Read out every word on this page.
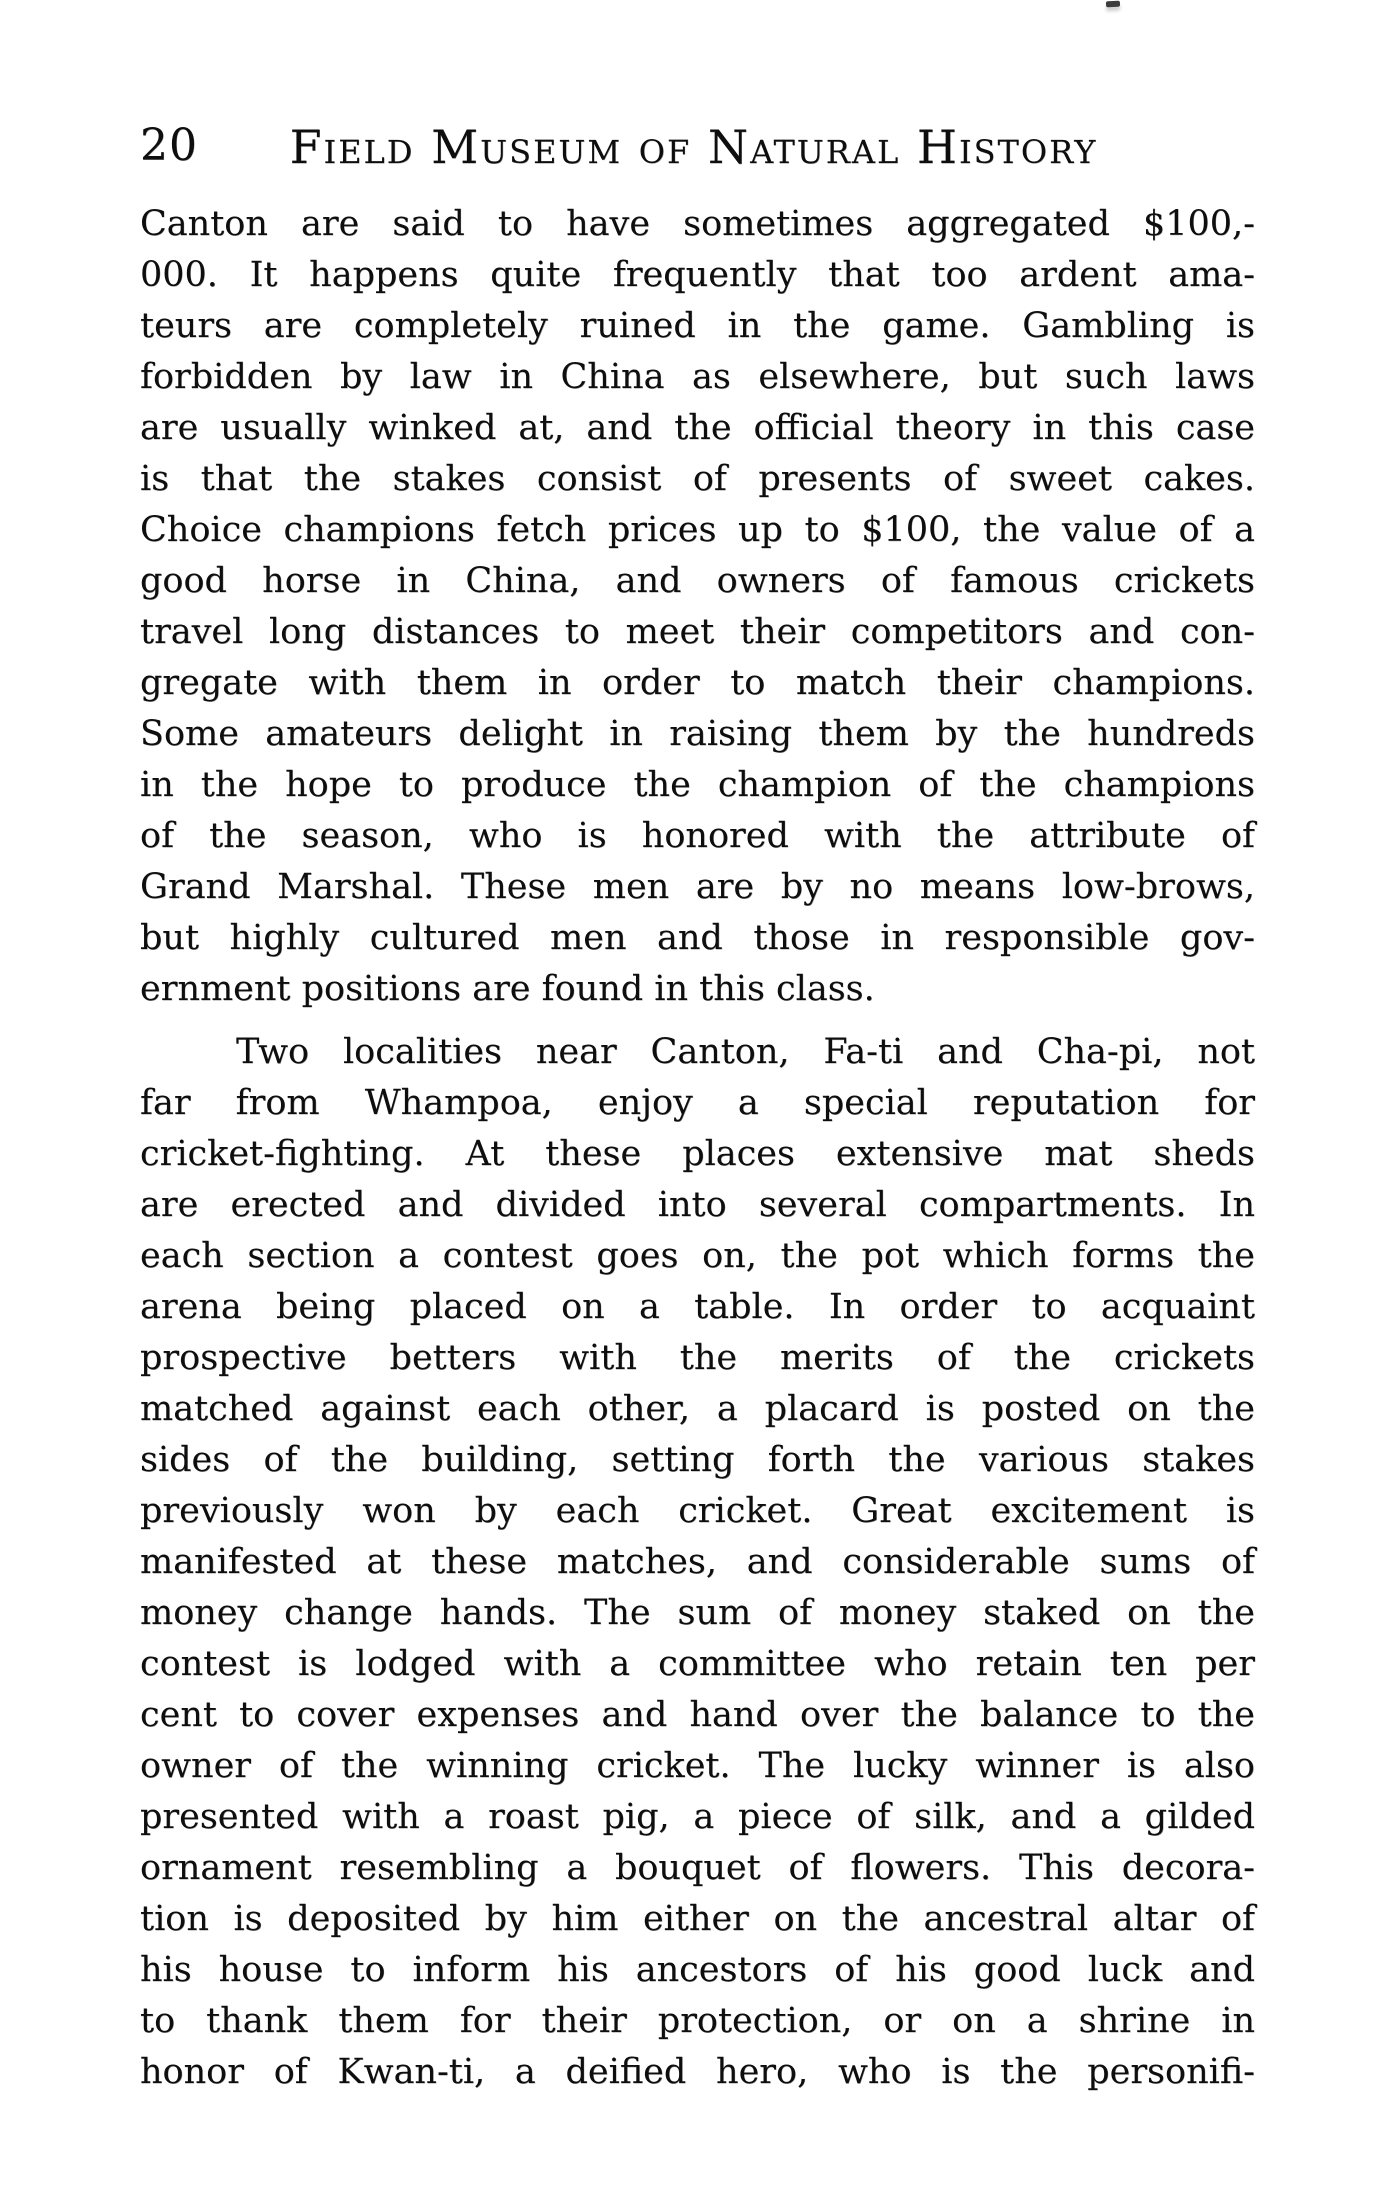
20	Field Museum of Natural History
Canton are said to have sometimes aggregated $100,-
000. It happens quite frequently that too ardent ama-
teurs are completely ruined in the game. Gambling is
forbidden by law in China as elsewhere, but such laws
are usually winked at, and the official theory in this case
is that the stakes consist of presents of sweet cakes.
Choice champions fetch prices up to $100, the value of a
good horse in China, and owners of famous crickets
travel long distances to meet their competitors and con-
gregate with them in order to match their champions.
Some amateurs delight in raising them by the hundreds
in the hope to produce the champion of the champions
of the season, who is honored with the attribute of
Grand Marshal. These men are by no means low-brows,
but highly cultured men and those in responsible gov-
ernment positions are found in this class.
Two localities near Canton, Fa-ti and Cha-pi, not
far from Whampoa, enjoy a special reputation for
cricket-fighting. At these places extensive mat sheds
are erected and divided into several compartments. In
each section a contest goes on, the pot which forms the
arena being placed on a table. In order to acquaint
prospective betters with the merits of the crickets
matched against each other, a placard is posted on the
sides of the building, setting forth the various stakes
previously won by each cricket. Great excitement is
manifested at these matches, and considerable sums of
money change hands. The sum of money staked on the
contest is lodged with a committee who retain ten per
cent to cover expenses and hand over the balance to the
owner of the winning cricket. The lucky winner is also
presented with a roast pig, a piece of silk, and a gilded
ornament resembling a bouquet of flowers. This decora-
tion is deposited by him either on the ancestral altar of
his house to inform his ancestors of his good luck and
to thank them for their protection, or on a shrine in
honor of Kwan-ti, a deified hero, who is the personifi-
